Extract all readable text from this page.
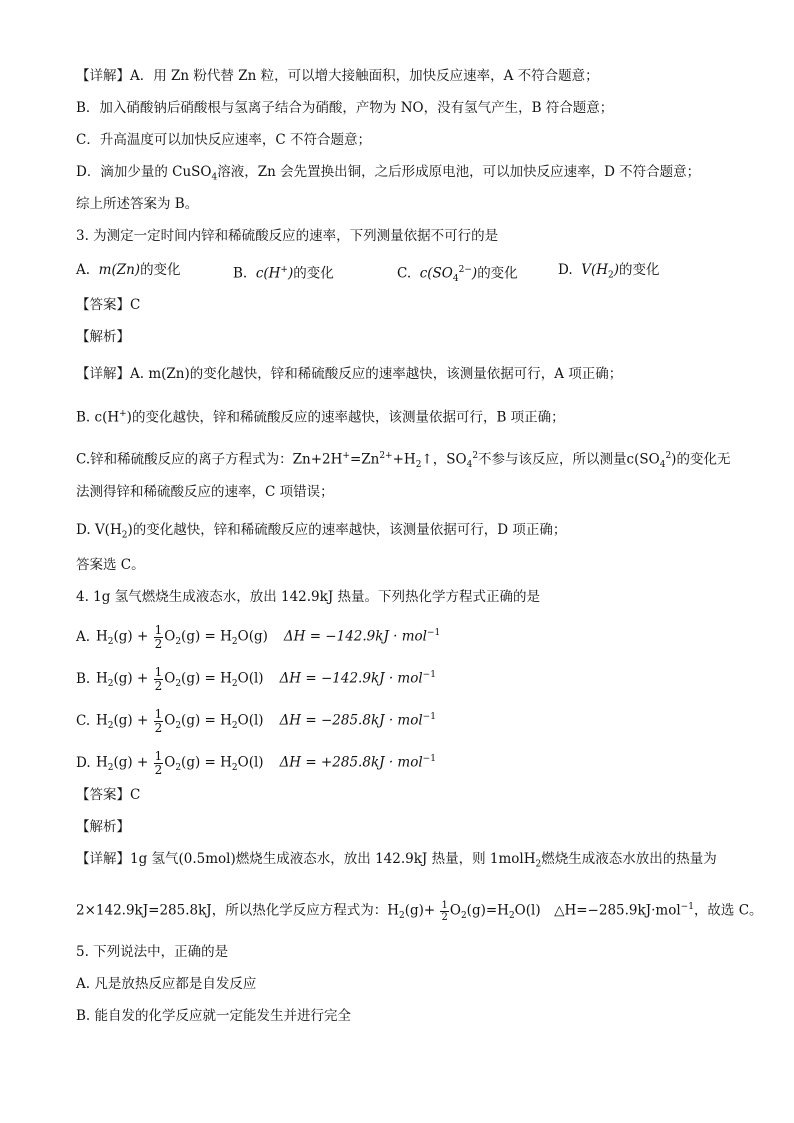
【详解】A．用 Zn 粉代替 Zn 粒，可以增大接触面积，加快反应速率，A 不符合题意；
B．加入硝酸钠后硝酸根与氢离子结合为硝酸，产物为 NO，没有氢气产生，B 符合题意；
C．升高温度可以加快反应速率，C 不符合题意；
D．滴加少量的 CuSO$_4$溶液，Zn 会先置换出铜，之后形成原电池，可以加快反应速率，D 不符合题意；
综上所述答案为 B。
3. 为测定一定时间内锌和稀硫酸反应的速率，下列测量依据不可行的是
A. m(Zn)的变化	B. c(H+)的变化	C. $c(SO_4^{2-})$的变化	D. $V(H_2)$的变化
【答案】C
【解析】
【详解】A. m(Zn)的变化越快，锌和稀硫酸反应的速率越快，该测量依据可行，A 项正确；
B. c(H+)的变化越快，锌和稀硫酸反应的速率越快，该测量依据可行，B 项正确；
C.锌和稀硫酸反应的离子方程式为：$Zn+2H^+=Zn^{2+}+H_2↑$，$SO_4^2$不参与该反应，所以测量$c(SO_4^2)$的变化无
法测得锌和稀硫酸反应的速率，C 项错误；
D. $V(H_2)$的变化越快，锌和稀硫酸反应的速率越快，该测量依据可行，D 项正确；
答案选 C。
4. 1g 氢气燃烧生成液态水，放出 142.9kJ 热量。下列热化学方程式正确的是
A. $H_2(g) + \frac{1}{2} O_2(g) = H_2O(g) \Delta H = -142.9kJ \cdot mol^{-1}$
B. $H_2(g) + \frac{1}{2} O_2(g) = H_2O(l) \Delta H = -142.9kJ \cdot mol^{-1}$
C. $H_2(g) + \frac{1}{2} O_2(g) = H_2O(l) \Delta H = -285.8kJ \cdot mol^{-1}$
D. $H_2(g) + \frac{1}{2} O_2(g) = H_2O(l) \Delta H = +285.8kJ \cdot mol^{-1}$
【答案】C
【解析】
【详解】1g 氢气(0.5mol)燃烧生成液态水，放出 142.9kJ 热量，则 1molH$_2$燃烧生成液态水放出的热量为
2×142.9kJ=285.8kJ，所以热化学反应方程式为：$H_2(g)+ \frac{1}{2} O_2(g)=H_2O(l)$　△H=−285.9kJ·mol$^{-1}$，故选 C。
5. 下列说法中，正确的是
A. 凡是放热反应都是自发反应
B. 能自发的化学反应就一定能发生并进行完全
